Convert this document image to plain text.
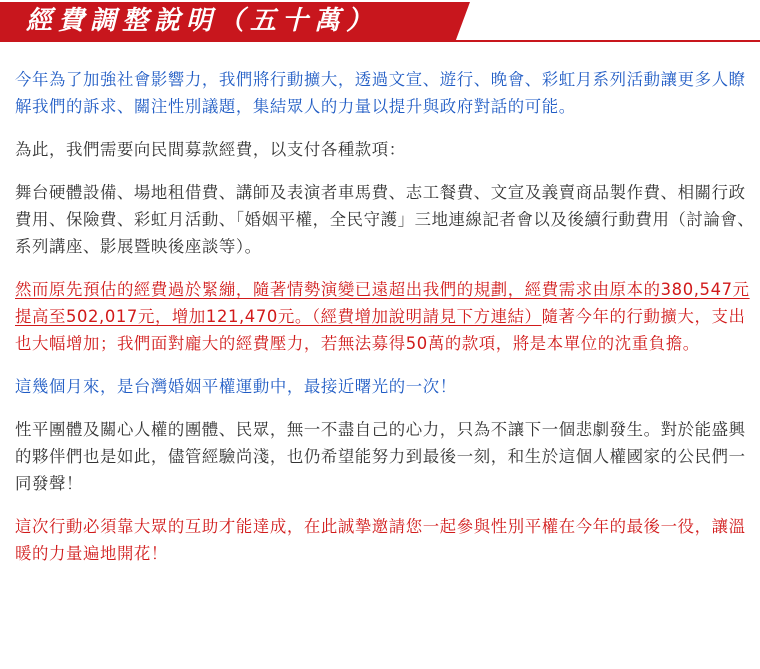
經費調整說明（五十萬）

今年為了加強社會影響力，我們將行動擴大，透過文宣、遊行、晚會、彩虹月系列活動讓更多人瞭解我們的訴求、關注性別議題，集結眾人的力量以提升與政府對話的可能。

為此，我們需要向民間募款經費，以支付各種款項：

舞台硬體設備、場地租借費、講師及表演者車馬費、志工餐費、文宣及義賣商品製作費、相關行政費用、保險費、彩虹月活動、「婚姻平權，全民守護」三地連線記者會以及後續行動費用（討論會、系列講座、影展暨映後座談等）。

然而原先預估的經費過於緊繃，隨著情勢演變已遠超出我們的規劃，經費需求由原本的380,547元提高至502,017元，增加121,470元。（經費增加說明請見下方連結）隨著今年的行動擴大，支出也大幅增加；我們面對龐大的經費壓力，若無法募得50萬的款項，將是本單位的沈重負擔。

這幾個月來，是台灣婚姻平權運動中，最接近曙光的一次！

性平團體及關心人權的團體、民眾，無一不盡自己的心力，只為不讓下一個悲劇發生。對於能盛興的夥伴們也是如此，儘管經驗尚淺，也仍希望能努力到最後一刻，和生於這個人權國家的公民們一同發聲！

這次行動必須靠大眾的互助才能達成，在此誠摯邀請您一起參與性別平權在今年的最後一役，讓溫暖的力量遍地開花！
